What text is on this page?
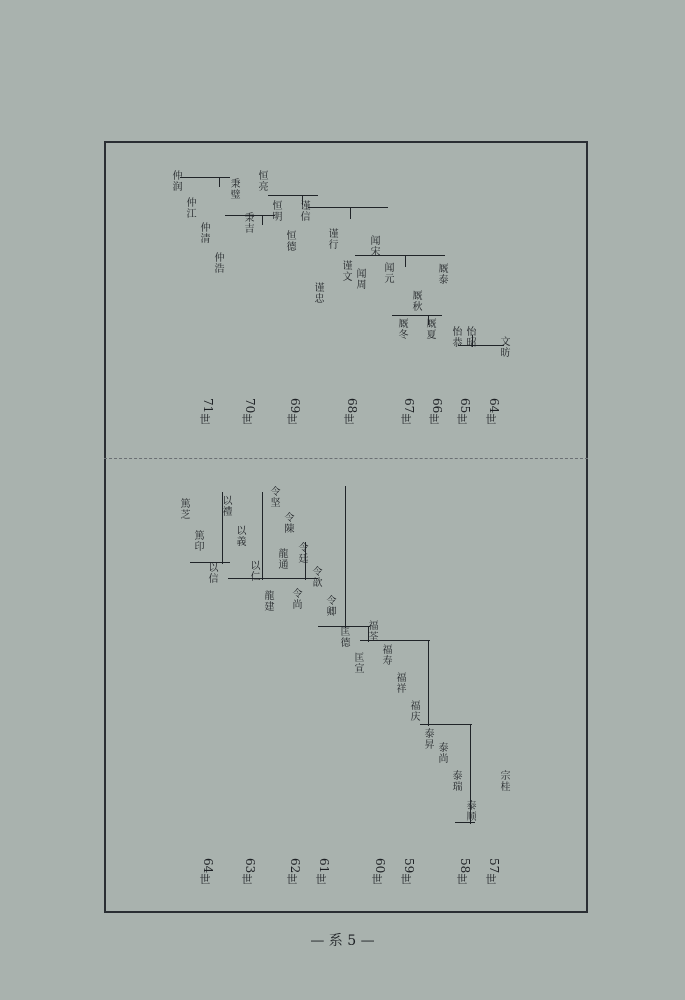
64世
65世
66世
67世
68世
69世
70世
71世
文昉
怡昭
怡恭
厩泰
厩夏
厩秋
厩冬
闻元
闻宋
闻周
谨文
谨行
谨忠
谨信
恒德
恒明
恒亮
秉吉
秉璧
仲浩
仲清
仲江
仲润
57世
58世
59世
60世
61世
62世
63世
64世
宗桂
泰顺
泰瑞
泰尚
泰昇
福庆
福祥
福寿
福荃
匡宣
匡德
令卿
令歆
令廷
令陳
令坚
令尚
龍通
龍建
以仁
以義
以禮
以信
篤印
篤芝
— 系 5 —
